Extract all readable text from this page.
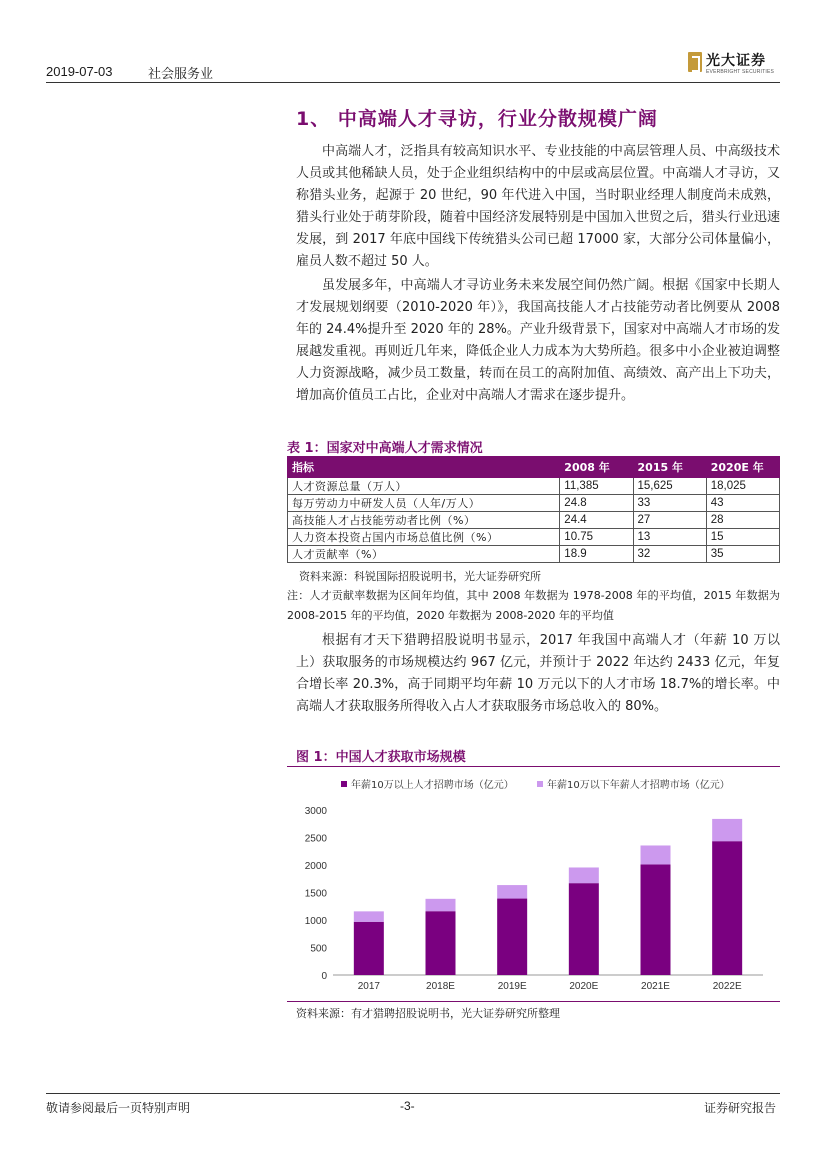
2019-07-03	社会服务业
光大证券
EVERBRIGHT SECURITIES
1、 中高端人才寻访，行业分散规模广阔
中高端人才，泛指具有较高知识水平、专业技能的中高层管理人员、中高级技术人员或其他稀缺人员，处于企业组织结构中的中层或高层位置。中高端人才寻访，又称猎头业务，起源于 20 世纪，90 年代进入中国，当时职业经理人制度尚未成熟，猎头行业处于萌芽阶段，随着中国经济发展特别是中国加入世贸之后，猎头行业迅速发展，到 2017 年底中国线下传统猎头公司已超 17000 家，大部分公司体量偏小，雇员人数不超过 50 人。
虽发展多年，中高端人才寻访业务未来发展空间仍然广阔。根据《国家中长期人才发展规划纲要（2010-2020 年）》，我国高技能人才占技能劳动者比例要从 2008 年的 24.4%提升至 2020 年的 28%。产业升级背景下，国家对中高端人才市场的发展越发重视。再则近几年来，降低企业人力成本为大势所趋。很多中小企业被迫调整人力资源战略，减少员工数量，转而在员工的高附加值、高绩效、高产出上下功夫，增加高价值员工占比，企业对中高端人才需求在逐步提升。
表 1：国家对中高端人才需求情况
指标	2008 年	2015 年	2020E 年
人才资源总量（万人）	11,385	15,625	18,025
每万劳动力中研发人员（人年/万人）	24.8	33	43
高技能人才占技能劳动者比例（%）	24.4	27	28
人力资本投资占国内市场总值比例（%）	10.75	13	15
人才贡献率（%）	18.9	32	35
资料来源：科锐国际招股说明书，光大证券研究所
注：人才贡献率数据为区间年均值，其中 2008 年数据为 1978-2008 年的平均值，2015 年数据为 2008-2015 年的平均值，2020 年数据为 2008-2020 年的平均值
根据有才天下猎聘招股说明书显示，2017 年我国中高端人才（年薪 10 万以上）获取服务的市场规模达约 967 亿元，并预计于 2022 年达约 2433 亿元，年复合增长率 20.3%，高于同期平均年薪 10 万元以下的人才市场 18.7%的增长率。中高端人才获取服务所得收入占人才获取服务市场总收入的 80%。
图 1：中国人才获取市场规模
年薪10万以上人才招聘市场（亿元）	年薪10万以下年薪人才招聘市场（亿元）
0
500
1000
1500
2000
2500
3000
2017	2018E	2019E	2020E	2021E	2022E
资料来源：有才猎聘招股说明书，光大证券研究所整理
敬请参阅最后一页特别声明	-3-	证券研究报告
